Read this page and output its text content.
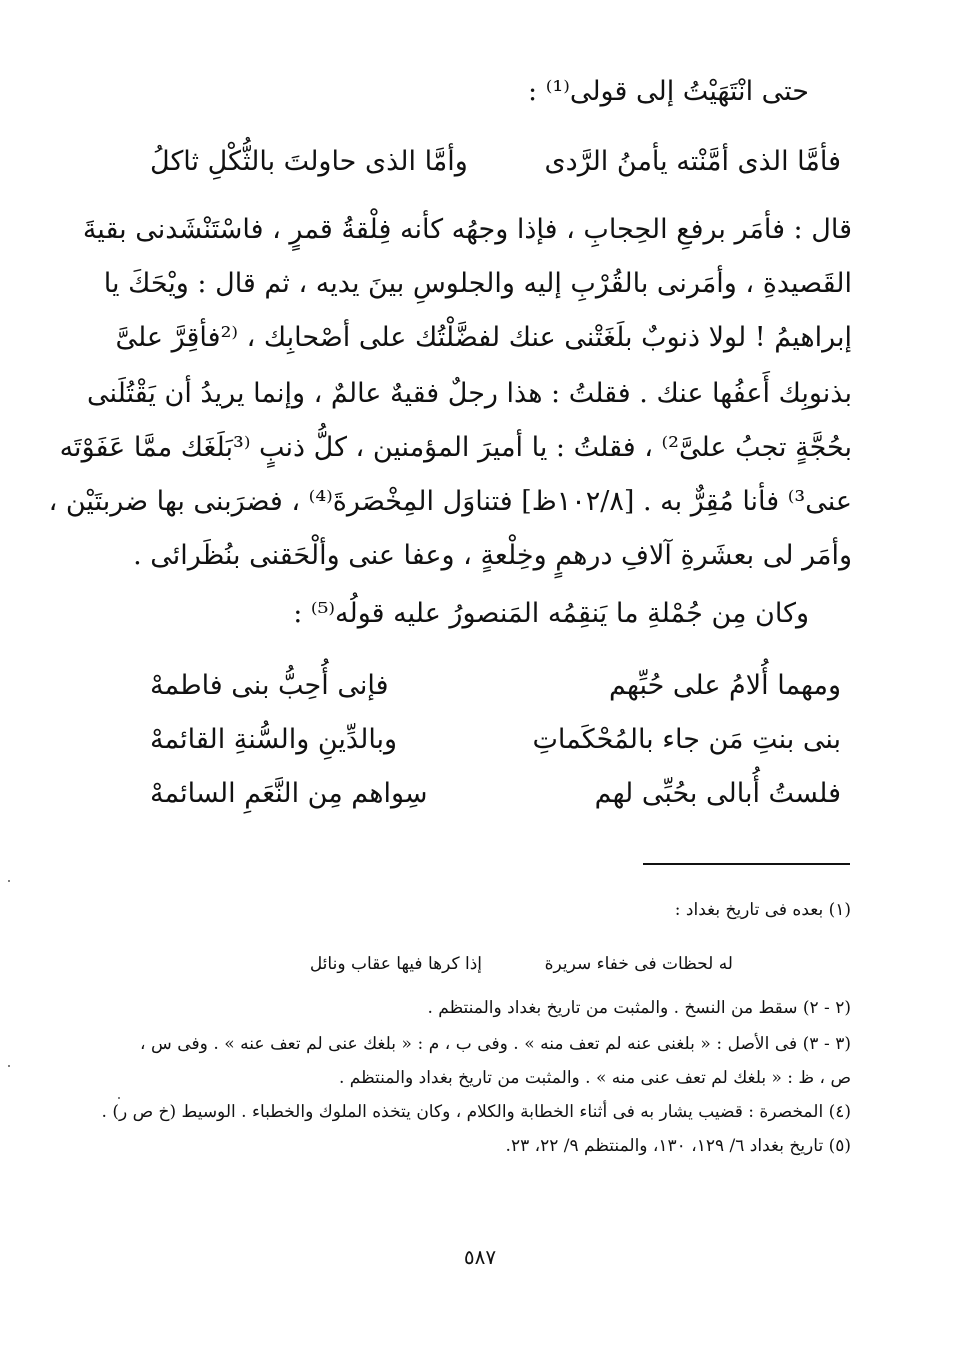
حتى انْتَهَيْتُ إلى قولى⁽¹⁾ :
فأمَّا الذى أمَّنْته يأمنُ الرَّدى
وأمَّا الذى حاولتَ بالثُّكْلِ ثاكلُ
قال : فأمَر برفعِ الحِجابِ ، فإذا وجهُه كأنه فِلْقةُ قمرٍ ، فاسْتَنْشَدنى بقيةَ
القَصيدةِ ، وأمَرنى بالقُرْبِ إليه والجلوسِ بينَ يديه ، ثم قال : ويْحَكَ يا
إبراهيمُ ! لولا ذنوبٌ بلَغَتْنى عنك لفضَّلْتُك على أصْحابِك ، ⁽²فأقِرَّ علىَّ
بذنوبِك أَعفُها عنك . فقلتُ : هذا رجلٌ فقيهٌ عالمٌ ، وإنما يريدُ أن يَقْتُلَنى
بحُجَّةٍ تجبُ علىَّ²⁾ ، فقلتُ : يا أميرَ المؤمنين ، كلُّ ذنبٍ ⁽³بَلَغَك ممَّا عَفَوْتَه
عنى³⁾ فأنا مُقِرٌّ به . [١٠٢/٨ظ] فتناوَل المِخْصَرةَ⁽⁴⁾ ، فضرَبنى بها ضربتَيْن ،
وأمَر لى بعشَرةِ آلافِ درهمٍ وخِلْعةٍ ، وعفا عنى وألْحَقنى بنُظَرائى .
وكان مِن جُمْلةِ ما يَنقِمُه المَنصورُ عليه قولُه⁽⁵⁾ :
ومهما أُلامُ على حُبِّهم
فإنى أُحِبُّ بنى فاطمهْ
بنى بنتِ مَن جاء بالمُحْكَماتِ
وبالدِّينِ والسُّنةِ القائمهْ
فلستُ أُبالى بحُبِّى لهم
سِواهم مِن النَّعَمِ السائمهْ
(١) بعده فى تاريخ بغداد :
له لحظات فى خفاء سريرة
إذا كرها فيها عقاب ونائل
(٢ - ٢) سقط من النسخ . والمثبت من تاريخ بغداد والمنتظم .
(٣ - ٣) فى الأصل : « بلغنى عنه لم تعف منه » . وفى ب ، م : « بلغك عنى لم تعف عنه » . وفى س ،
ص ، ظ : « بلغك لم تعف عنى منه » . والمثبت من تاريخ بغداد والمنتظم .
(٤) المخصرة : قضيب يشار به فى أثناء الخطابة والكلام ، وكان يتخذه الملوك والخطباء . الوسيط (خ ص ر) .
(٥) تاريخ بغداد ٦/ ١٢٩، ١٣٠، والمنتظم ٩/ ٢٢، ٢٣.
٥٨٧
